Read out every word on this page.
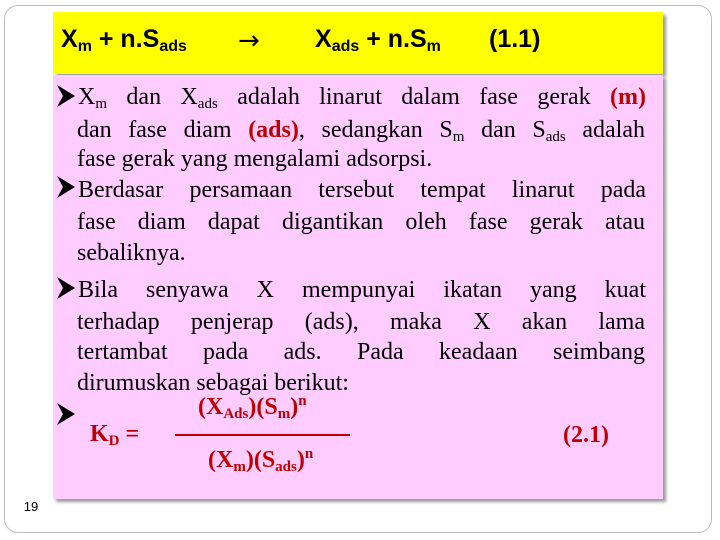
$X_m + n.S_{ads} \to X_{ads} + n.S_m$ (1.1)
$X_m$ dan $X_{ads}$ adalah linarut dalam fase gerak (m)
dan fase diam (ads), sedangkan $S_m$ dan $S_{ads}$ adalah
fase gerak yang mengalami adsorpsi.
Berdasar persamaan tersebut tempat linarut pada
fase diam dapat digantikan oleh fase gerak atau
sebaliknya.
Bila senyawa X mempunyai ikatan yang kuat
terhadap penjerap (ads), maka X akan lama
tertambat pada ads. Pada keadaan seimbang
dirumuskan sebagai berikut:
$(X_{Ads})(S_m)^n$
$K_D$ =
$(X_m)(S_{ads})^n$
(2.1)
19
